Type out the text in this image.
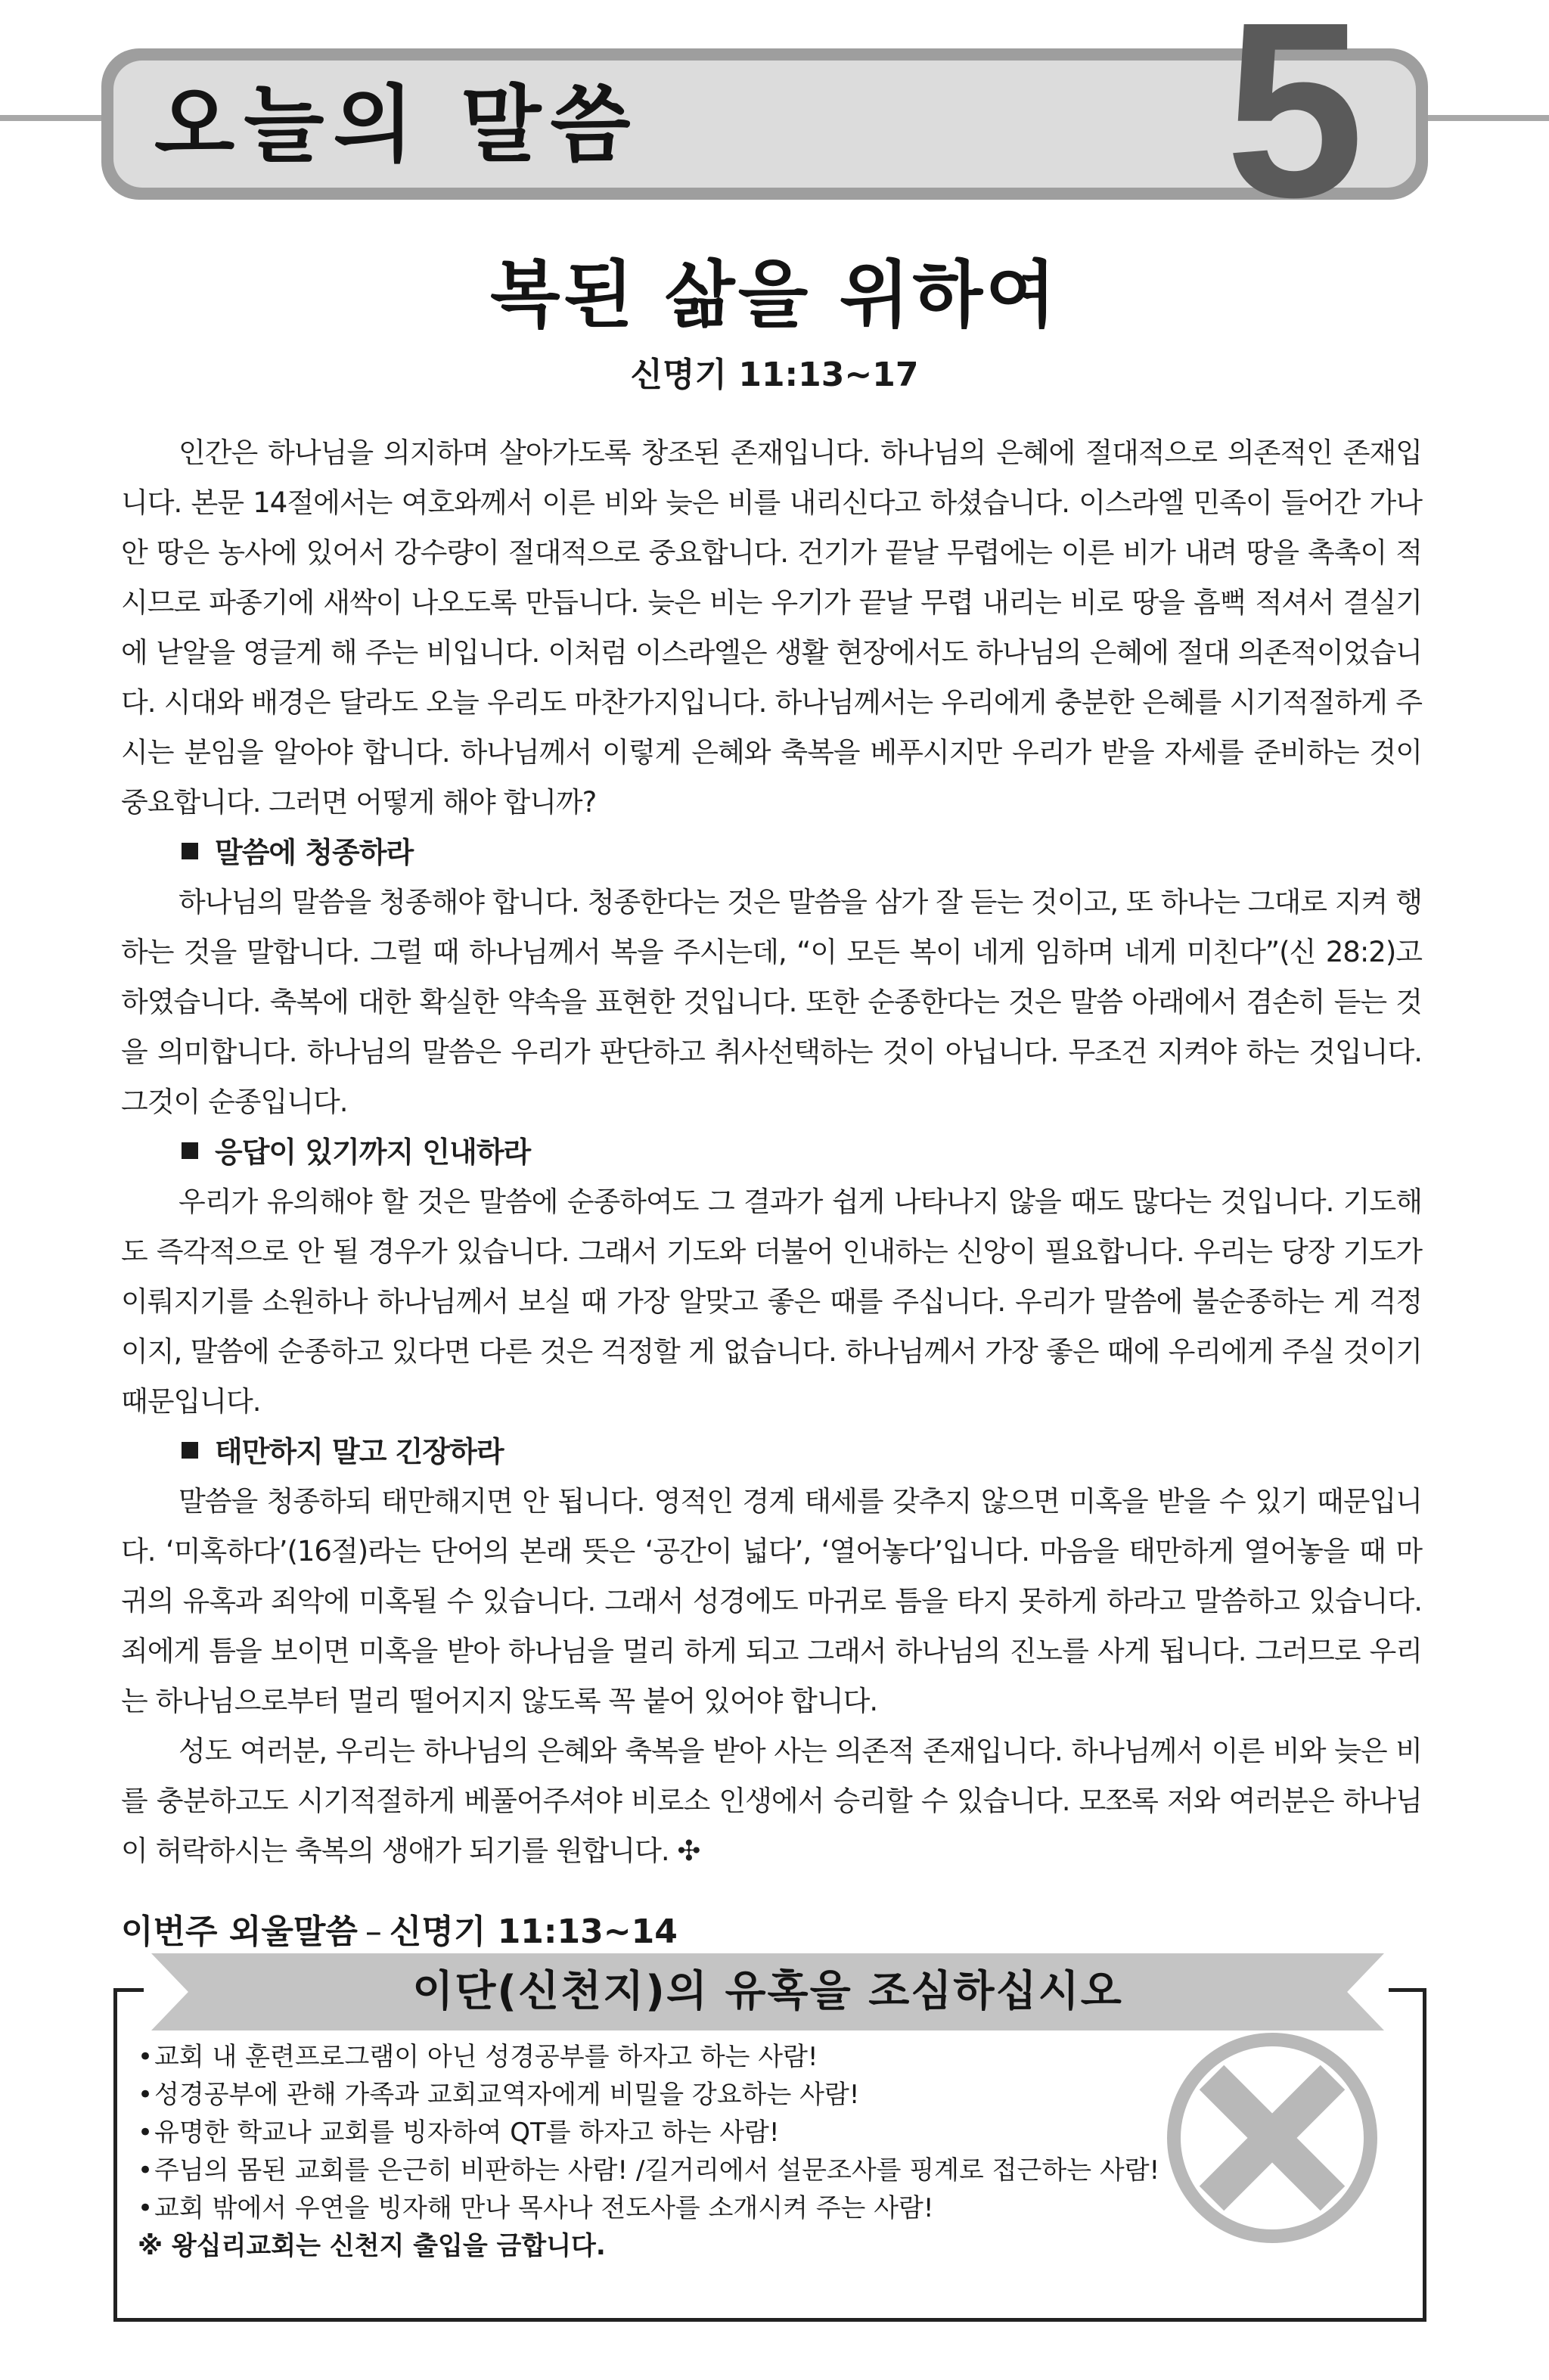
오늘의 말씀 5
복된 삶을 위하여
신명기 11:13~17

인간은 하나님을 의지하며 살아가도록 창조된 존재입니다. 하나님의 은혜에 절대적으로 의존적인 존재입니다. 본문 14절에서는 여호와께서 이른 비와 늦은 비를 내리신다고 하셨습니다. 이스라엘 민족이 들어간 가나안 땅은 농사에 있어서 강수량이 절대적으로 중요합니다. 건기가 끝날 무렵에는 이른 비가 내려 땅을 촉촉이 적시므로 파종기에 새싹이 나오도록 만듭니다. 늦은 비는 우기가 끝날 무렵 내리는 비로 땅을 흠뻑 적셔서 결실기에 낟알을 영글게 해 주는 비입니다. 이처럼 이스라엘은 생활 현장에서도 하나님의 은혜에 절대 의존적이었습니다. 시대와 배경은 달라도 오늘 우리도 마찬가지입니다. 하나님께서는 우리에게 충분한 은혜를 시기적절하게 주시는 분임을 알아야 합니다. 하나님께서 이렇게 은혜와 축복을 베푸시지만 우리가 받을 자세를 준비하는 것이 중요합니다. 그러면 어떻게 해야 합니까?

말씀에 청종하라

하나님의 말씀을 청종해야 합니다. 청종한다는 것은 말씀을 삼가 잘 듣는 것이고, 또 하나는 그대로 지켜 행하는 것을 말합니다. 그럴 때 하나님께서 복을 주시는데, “이 모든 복이 네게 임하며 네게 미친다”(신 28:2)고 하였습니다. 축복에 대한 확실한 약속을 표현한 것입니다. 또한 순종한다는 것은 말씀 아래에서 겸손히 듣는 것을 의미합니다. 하나님의 말씀은 우리가 판단하고 취사선택하는 것이 아닙니다. 무조건 지켜야 하는 것입니다. 그것이 순종입니다.

응답이 있기까지 인내하라

우리가 유의해야 할 것은 말씀에 순종하여도 그 결과가 쉽게 나타나지 않을 때도 많다는 것입니다. 기도해도 즉각적으로 안 될 경우가 있습니다. 그래서 기도와 더불어 인내하는 신앙이 필요합니다. 우리는 당장 기도가 이뤄지기를 소원하나 하나님께서 보실 때 가장 알맞고 좋은 때를 주십니다. 우리가 말씀에 불순종하는 게 걱정이지, 말씀에 순종하고 있다면 다른 것은 걱정할 게 없습니다. 하나님께서 가장 좋은 때에 우리에게 주실 것이기 때문입니다.

태만하지 말고 긴장하라

말씀을 청종하되 태만해지면 안 됩니다. 영적인 경계 태세를 갖추지 않으면 미혹을 받을 수 있기 때문입니다. ‘미혹하다’(16절)라는 단어의 본래 뜻은 ‘공간이 넓다’, ‘열어놓다’입니다. 마음을 태만하게 열어놓을 때 마귀의 유혹과 죄악에 미혹될 수 있습니다. 그래서 성경에도 마귀로 틈을 타지 못하게 하라고 말씀하고 있습니다. 죄에게 틈을 보이면 미혹을 받아 하나님을 멀리 하게 되고 그래서 하나님의 진노를 사게 됩니다. 그러므로 우리는 하나님으로부터 멀리 떨어지지 않도록 꼭 붙어 있어야 합니다.

성도 여러분, 우리는 하나님의 은혜와 축복을 받아 사는 의존적 존재입니다. 하나님께서 이른 비와 늦은 비를 충분하고도 시기적절하게 베풀어주셔야 비로소 인생에서 승리할 수 있습니다. 모쪼록 저와 여러분은 하나님이 허락하시는 축복의 생애가 되기를 원합니다. ✣

이번주 외울말씀 – 신명기 11:13~14
이단(신천지)의 유혹을 조심하십시오
•교회 내 훈련프로그램이 아닌 성경공부를 하자고 하는 사람!
•성경공부에 관해 가족과 교회교역자에게 비밀을 강요하는 사람!
•유명한 학교나 교회를 빙자하여 QT를 하자고 하는 사람!
•주님의 몸된 교회를 은근히 비판하는 사람! /길거리에서 설문조사를 핑계로 접근하는 사람!
•교회 밖에서 우연을 빙자해 만나 목사나 전도사를 소개시켜 주는 사람!
※ 왕십리교회는 신천지 출입을 금합니다.
